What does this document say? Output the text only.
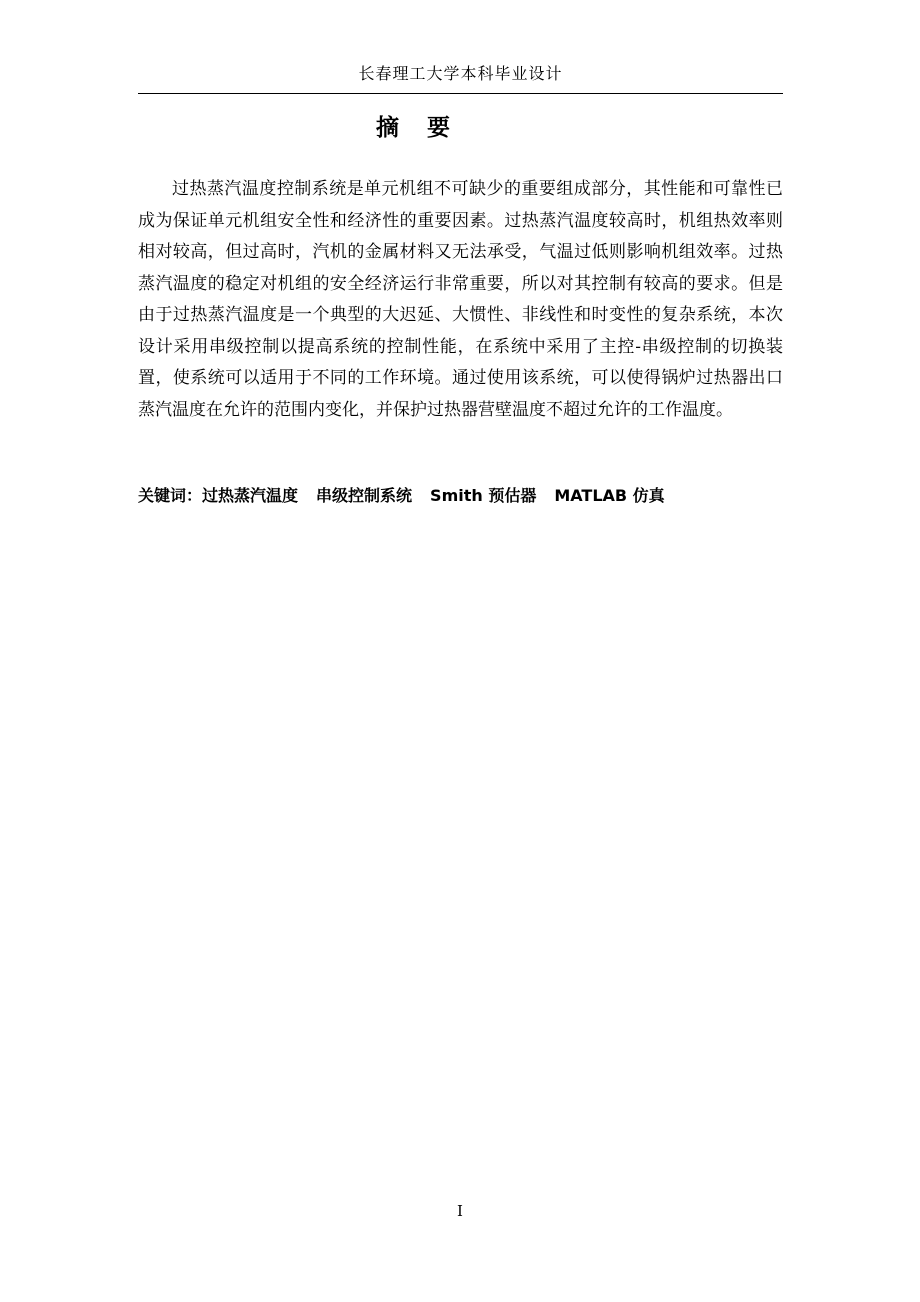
长春理工大学本科毕业设计
摘 要

过热蒸汽温度控制系统是单元机组不可缺少的重要组成部分，其性能和可靠性已成为保证单元机组安全性和经济性的重要因素。过热蒸汽温度较高时，机组热效率则相对较高，但过高时，汽机的金属材料又无法承受，气温过低则影响机组效率。过热蒸汽温度的稳定对机组的安全经济运行非常重要，所以对其控制有较高的要求。但是由于过热蒸汽温度是一个典型的大迟延、大惯性、非线性和时变性的复杂系统，本次设计采用串级控制以提高系统的控制性能，在系统中采用了主控-串级控制的切换装置，使系统可以适用于不同的工作环境。通过使用该系统，可以使得锅炉过热器出口蒸汽温度在允许的范围内变化，并保护过热器营壁温度不超过允许的工作温度。

关键词：过热蒸汽温度 串级控制系统 Smith 预估器 MATLAB 仿真
I
